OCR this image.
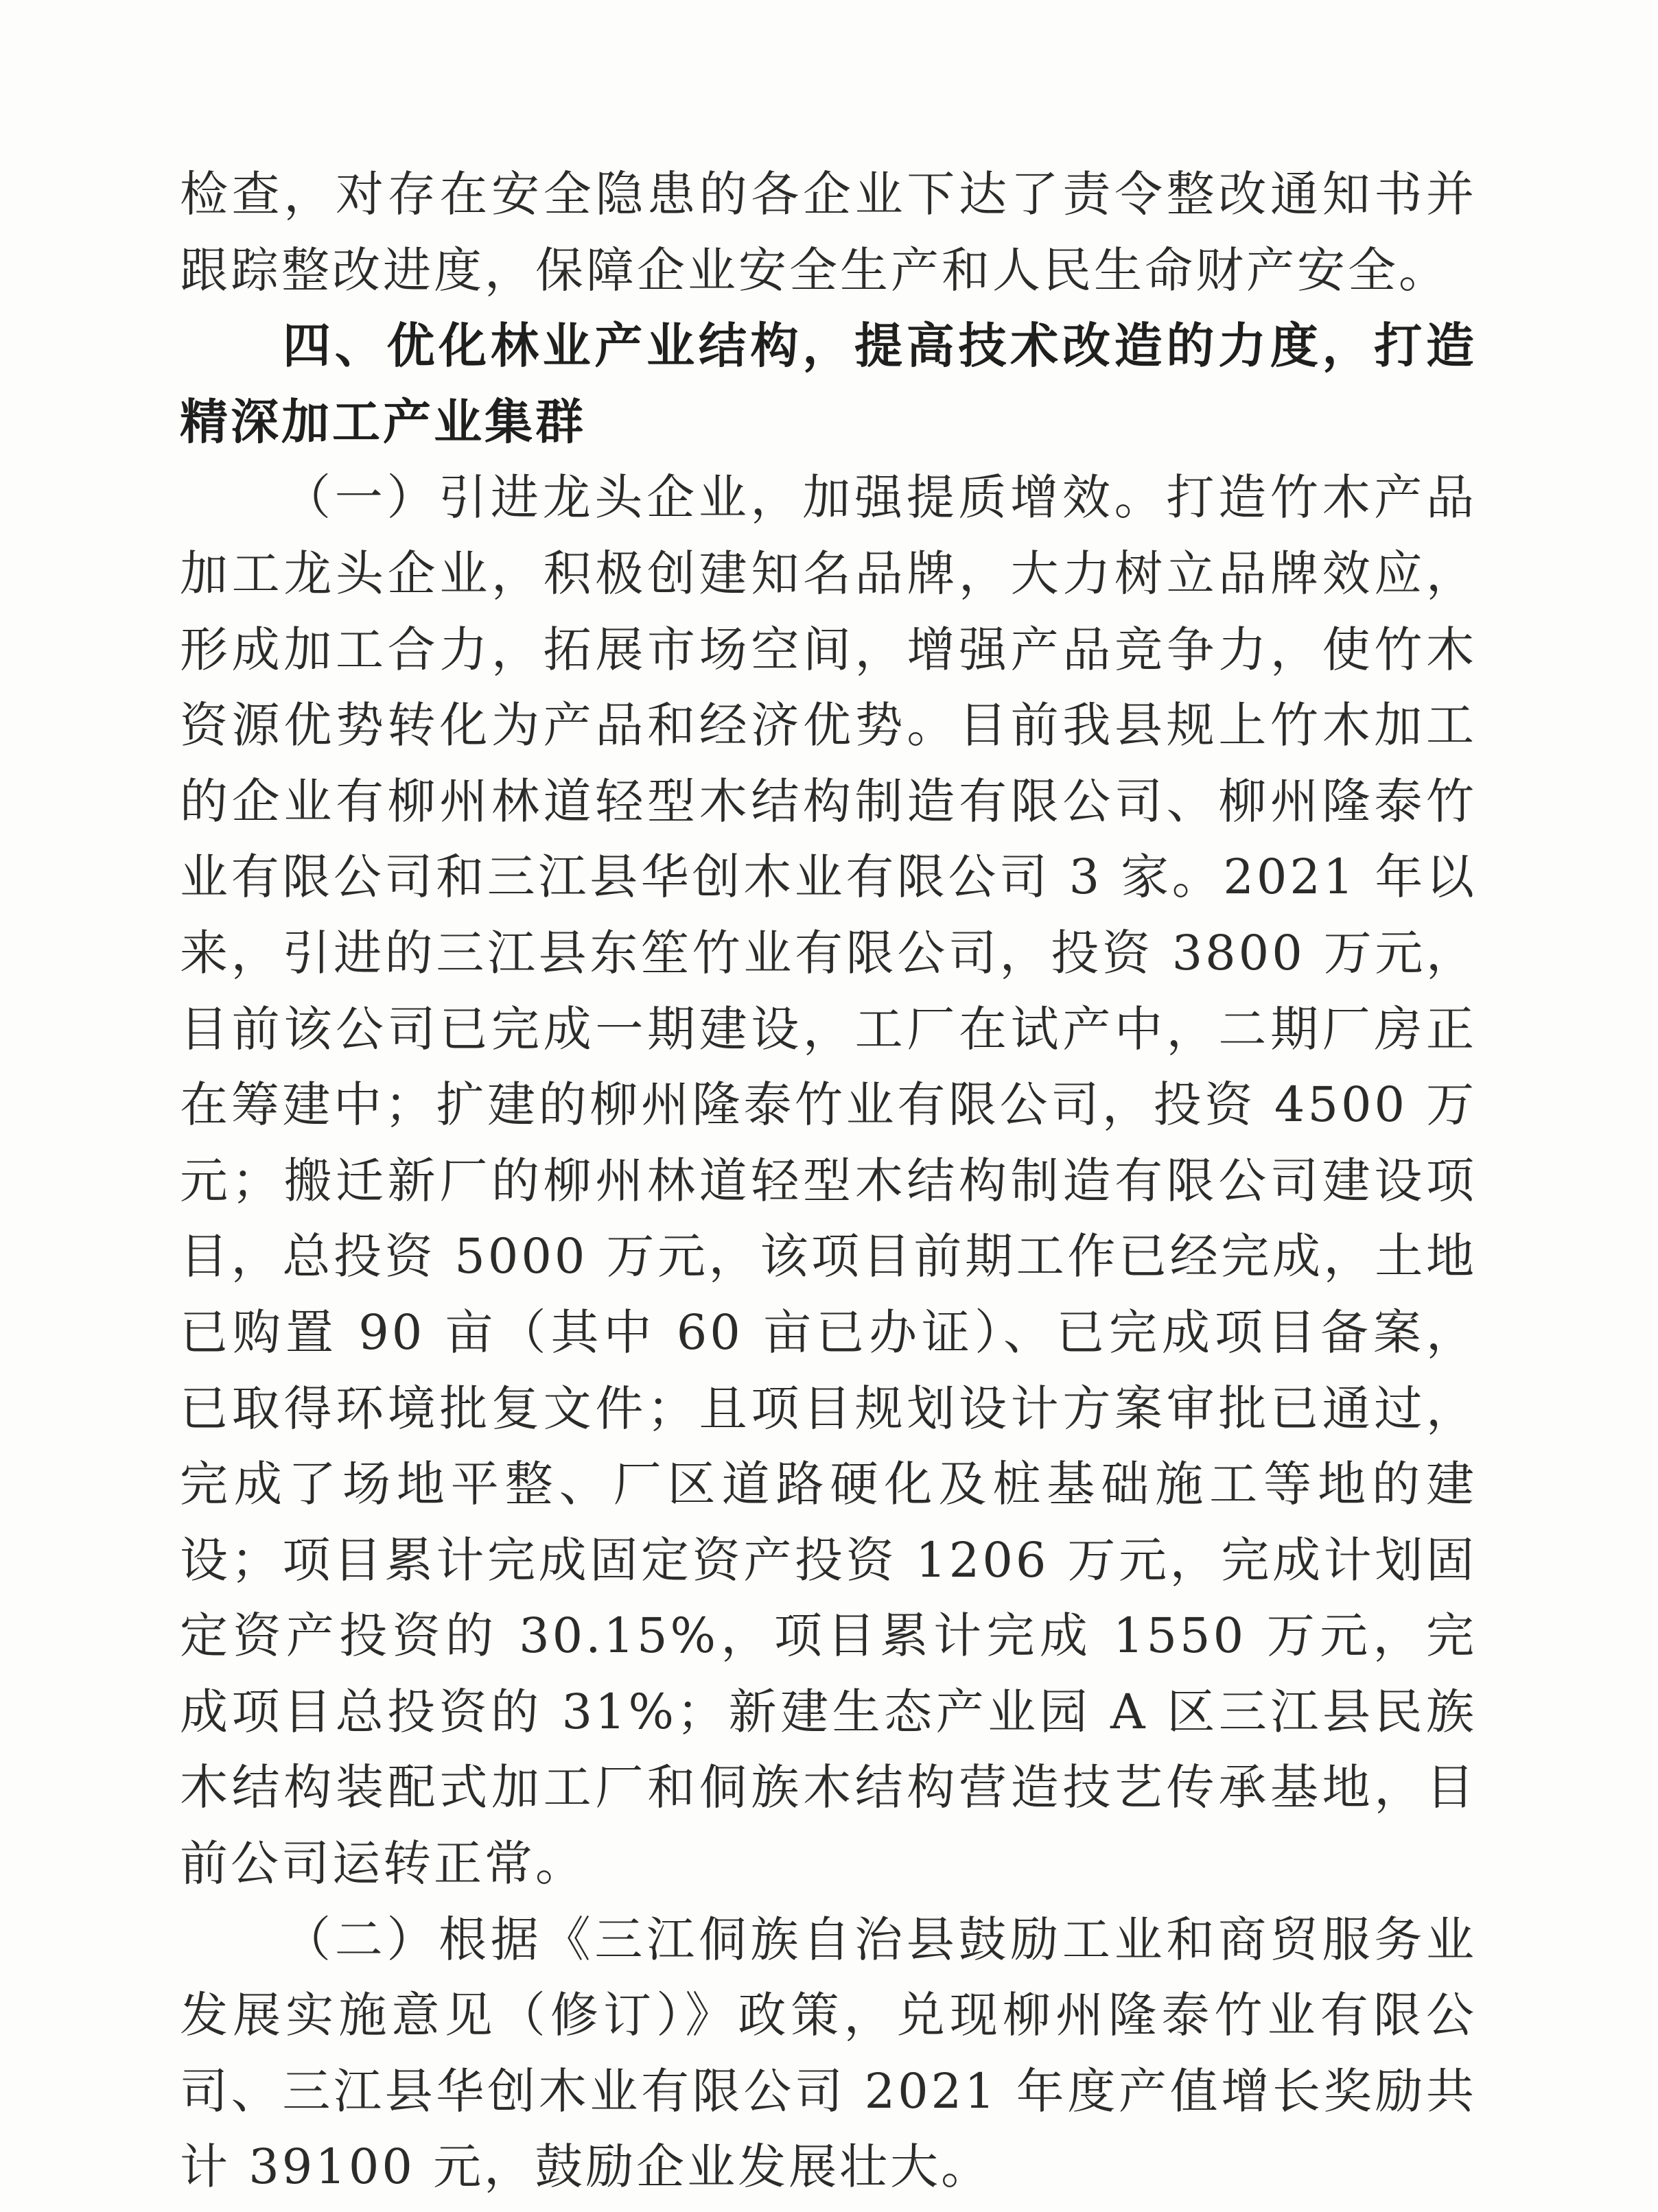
检查，对存在安全隐患的各企业下达了责令整改通知书并跟踪整改进度，保障企业安全生产和人民生命财产安全。

四、优化林业产业结构，提高技术改造的力度，打造精深加工产业集群

（一）引进龙头企业，加强提质增效。打造竹木产品加工龙头企业，积极创建知名品牌，大力树立品牌效应，形成加工合力，拓展市场空间，增强产品竞争力，使竹木资源优势转化为产品和经济优势。目前我县规上竹木加工的企业有柳州林道轻型木结构制造有限公司、柳州隆泰竹业有限公司和三江县华创木业有限公司 3 家。2021 年以来，引进的三江县东笙竹业有限公司，投资 3800 万元，目前该公司已完成一期建设，工厂在试产中，二期厂房正在筹建中；扩建的柳州隆泰竹业有限公司，投资 4500 万元；搬迁新厂的柳州林道轻型木结构制造有限公司建设项目，总投资 5000 万元，该项目前期工作已经完成，土地已购置 90 亩（其中 60 亩已办证）、已完成项目备案，已取得环境批复文件；且项目规划设计方案审批已通过，完成了场地平整、厂区道路硬化及桩基础施工等地的建设；项目累计完成固定资产投资 1206 万元，完成计划固定资产投资的 30.15%，项目累计完成 1550 万元，完成项目总投资的 31%；新建生态产业园 A 区三江县民族木结构装配式加工厂和侗族木结构营造技艺传承基地，目前公司运转正常。

（二）根据《三江侗族自治县鼓励工业和商贸服务业发展实施意见（修订）》政策，兑现柳州隆泰竹业有限公司、三江县华创木业有限公司 2021 年度产值增长奖励共计 39100 元，鼓励企业发展壮大。
